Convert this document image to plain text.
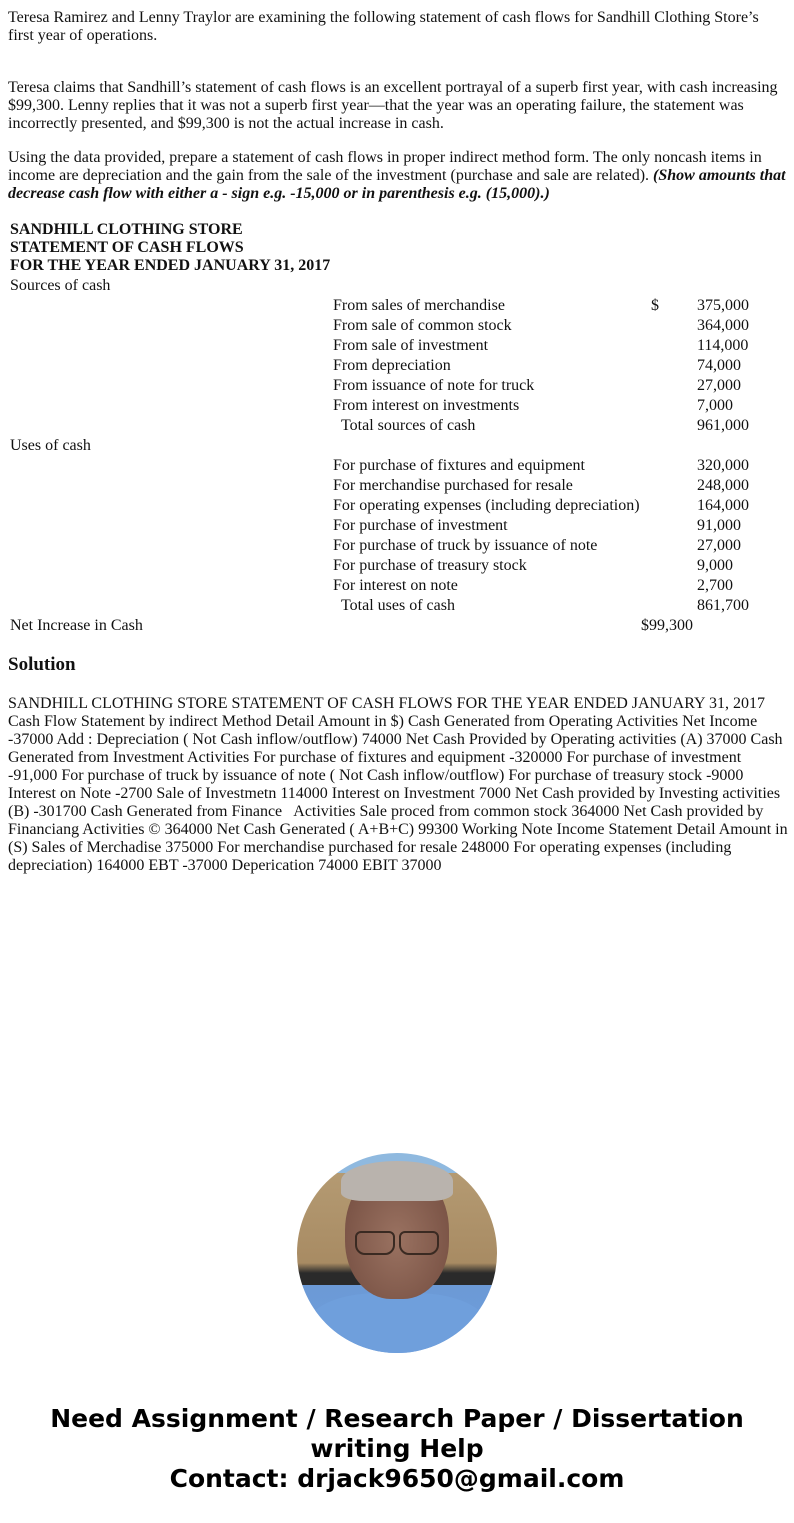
Teresa Ramirez and Lenny Traylor are examining the following statement of cash flows for Sandhill Clothing Store’s first year of operations.

Teresa claims that Sandhill’s statement of cash flows is an excellent portrayal of a superb first year, with cash increasing $99,300. Lenny replies that it was not a superb first year—that the year was an operating failure, the statement was incorrectly presented, and $99,300 is not the actual increase in cash.

Using the data provided, prepare a statement of cash flows in proper indirect method form. The only noncash items in income are depreciation and the gain from the sale of the investment (purchase and sale are related). (Show amounts that decrease cash flow with either a - sign e.g. -15,000 or in parenthesis e.g. (15,000).)

SANDHILL CLOTHING STORE

STATEMENT OF CASH FLOWS

FOR THE YEAR ENDED JANUARY 31, 2017

Sources of cash

From sales of merchandise	$ 375,000
From sale of common stock	364,000
From sale of investment	114,000
From depreciation	74,000
From issuance of note for truck	27,000
From interest on investments	7,000
Total sources of cash	961,000

Uses of cash

For purchase of fixtures and equipment	320,000
For merchandise purchased for resale	248,000
For operating expenses (including depreciation)	164,000
For purchase of investment	91,000
For purchase of truck by issuance of note	27,000
For purchase of treasury stock	9,000
For interest on note	2,700
Total uses of cash	861,700
Net Increase in Cash	$99,300
Solution

SANDHILL CLOTHING STORE STATEMENT OF CASH FLOWS FOR THE YEAR ENDED JANUARY 31, 2017 Cash Flow Statement by indirect Method Detail Amount in $) Cash Generated from Operating Activities Net Income -37000 Add : Depreciation ( Not Cash inflow/outflow) 74000 Net Cash Provided by Operating activities (A) 37000 Cash Generated from Investment Activities For purchase of fixtures and equipment -320000 For purchase of investment -91,000 For purchase of truck by issuance of note ( Not Cash inflow/outflow) For purchase of treasury stock -9000 Interest on Note -2700 Sale of Investmetn 114000 Interest on Investment 7000 Net Cash provided by Investing activities (B) -301700 Cash Generated from Finance   Activities Sale proced from common stock 364000 Net Cash provided by Financiang Activities © 364000 Net Cash Generated ( A+B+C) 99300 Working Note Income Statement Detail Amount in (S) Sales of Merchadise 375000 For merchandise purchased for resale 248000 For operating expenses (including depreciation) 164000 EBT -37000 Deperication 74000 EBIT 37000

Need Assignment / Research Paper / Dissertation
writing Help
Contact: drjack9650@gmail.com
